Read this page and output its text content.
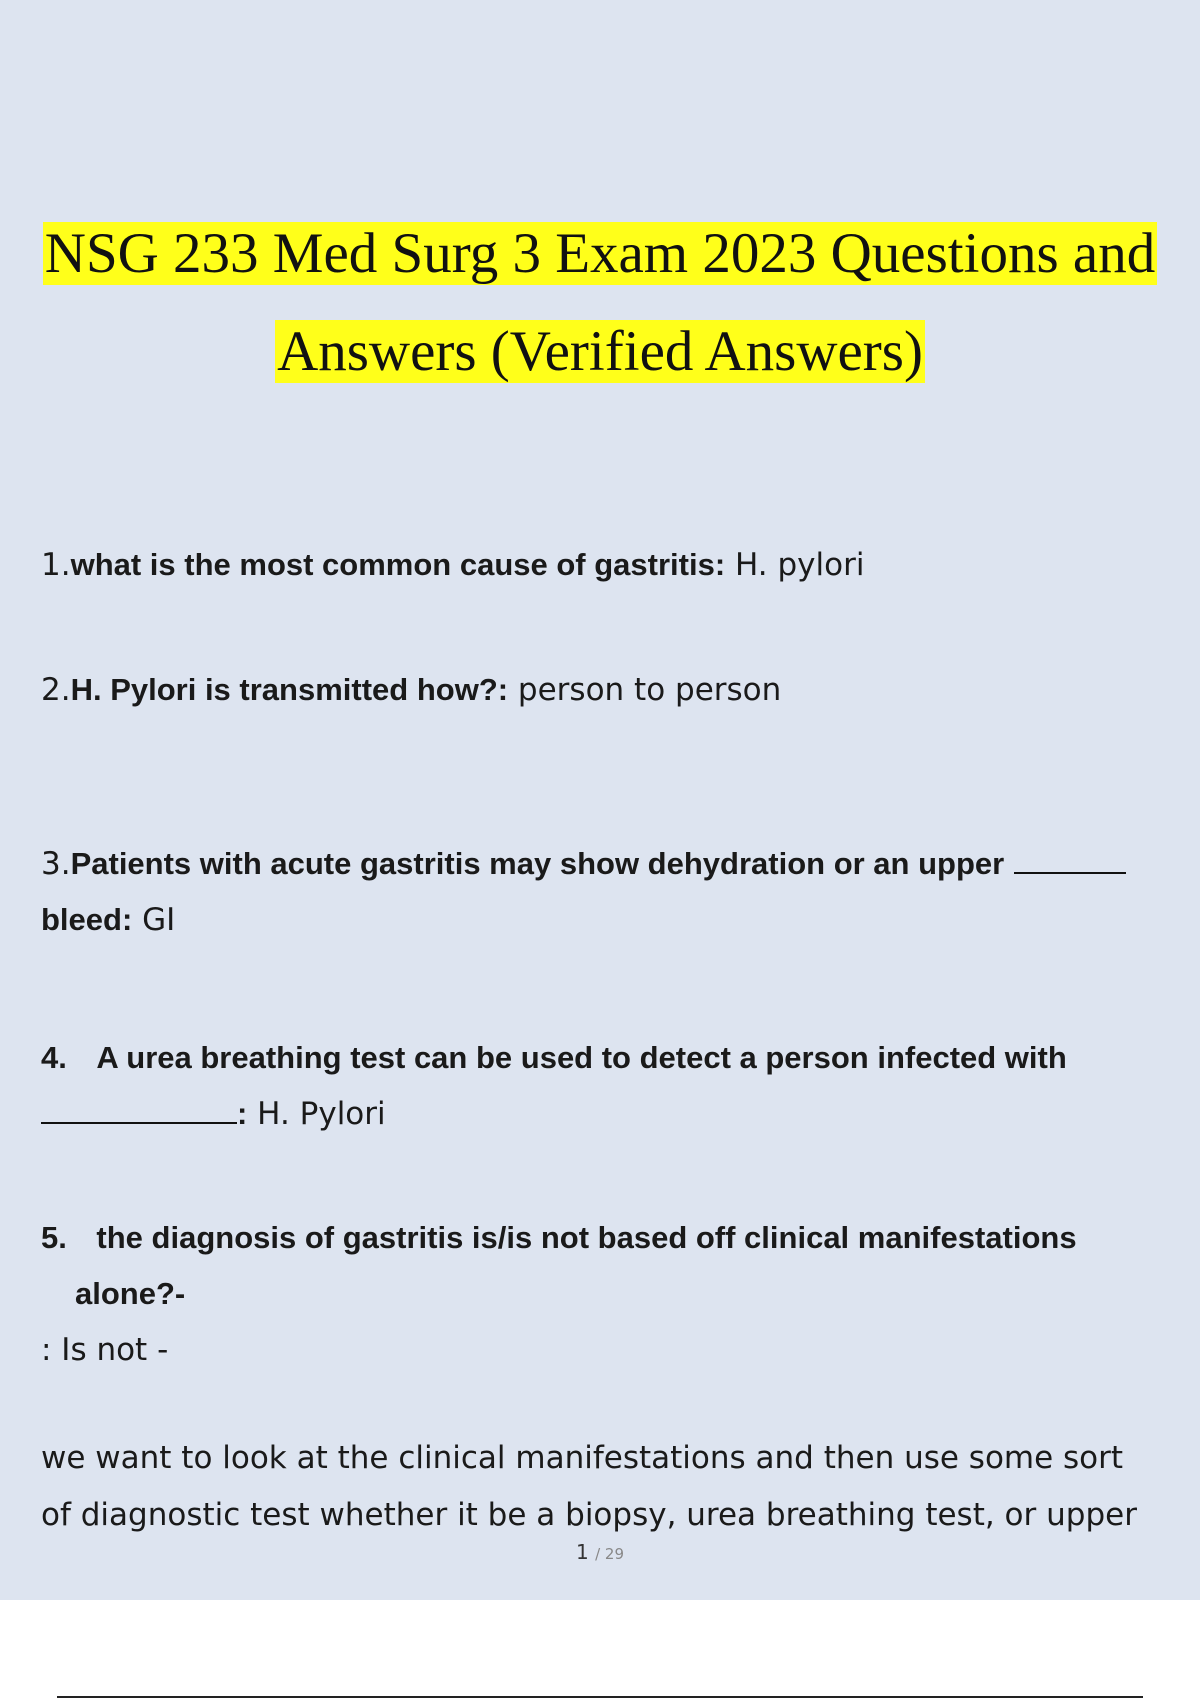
NSG 233 Med Surg 3 Exam 2023 Questions and
Answers (Verified Answers)
1.what is the most common cause of gastritis: H. pylori
2.H. Pylori is transmitted how?: person to person
3.Patients with acute gastritis may show dehydration or an upper
bleed: GI
4. A urea breathing test can be used to detect a person infected with
: H. Pylori
5. the diagnosis of gastritis is/is not based off clinical manifestations
alone?-
: Is not -
we want to look at the clinical manifestations and then use some sort
of diagnostic test whether it be a biopsy, urea breathing test, or upper
1 / 29
